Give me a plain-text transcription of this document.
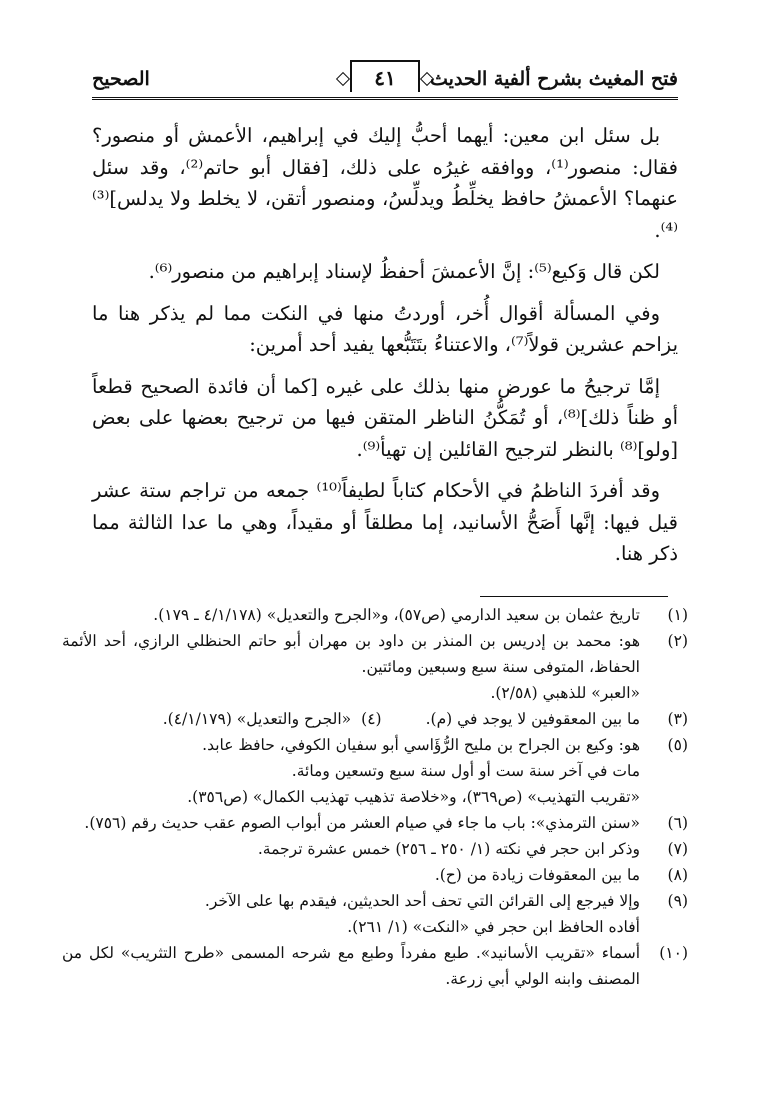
فتح المغيث بشرح ألفية الحديث
٤١
الصحيح

بل سئل ابن معين: أيهما أحبُّ إليك في إبراهيم، الأعمش أو منصور؟ فقال: منصور⁽¹⁾، ووافقه غيرُه على ذلك، [فقال أبو حاتم⁽²⁾، وقد سئل عنهما؟ الأعمشُ حافظ يخلِّطُ ويدلِّسُ، ومنصور أتقن، لا يخلط ولا يدلس]⁽³⁾⁽⁴⁾.

لكن قال وَكيع⁽⁵⁾: إنَّ الأعمشَ أحفظُ لإسناد إبراهيم من منصور⁽⁶⁾.

وفي المسألة أقوال أُخر، أوردتُ منها في النكت مما لم يذكر هنا ما يزاحم عشرين قولاً⁽⁷⁾، والاعتناءُ بتَتَبُّعها يفيد أحد أمرين:

إمَّا ترجيحُ ما عورض منها بذلك على غيره [كما أن فائدة الصحيح قطعاً أو ظناً ذلك]⁽⁸⁾، أو تُمَكُّنُ الناظر المتقن فيها من ترجيح بعضها على بعض [ولو]⁽⁸⁾ بالنظر لترجيح القائلين إن تهيأ⁽⁹⁾.

وقد أفردَ الناظمُ في الأحكام كتاباً لطيفاً⁽¹⁰⁾ جمعه من تراجم ستة عشر قيل فيها: إنَّها أَصَحُّ الأسانيد، إما مطلقاً أو مقيداً، وهي ما عدا الثالثة مما ذكر هنا.

(١)
تاريخ عثمان بن سعيد الدارمي (ص٥٧)، و«الجرح والتعديل» (٤/١/١٧٨ ـ ١٧٩).
(٢)
هو: محمد بن إدريس بن المنذر بن داود بن مهران أبو حاتم الحنظلي الرازي، أحد الأئمة الحفاظ، المتوفى سنة سبع وسبعين ومائتين.
«العبر» للذهبي (٢/٥٨).
(٣)
ما بين المعقوفين لا يوجد في (م).
(٤)
«الجرح والتعديل» (٤/١/١٧٩).
(٥)
هو: وكيع بن الجراح بن مليح الرُّؤَاسي أبو سفيان الكوفي، حافظ عابد.
مات في آخر سنة ست أو أول سنة سبع وتسعين ومائة.
«تقريب التهذيب» (ص٣٦٩)، و«خلاصة تذهيب تهذيب الكمال» (ص٣٥٦).
(٦)
«سنن الترمذي»: باب ما جاء في صيام العشر من أبواب الصوم عقب حديث رقم (٧٥٦).
(٧)
وذكر ابن حجر في نكته (١/ ٢٥٠ ـ ٢٥٦) خمس عشرة ترجمة.
(٨)
ما بين المعقوفات زيادة من (ح).
(٩)
وإلا فيرجع إلى القرائن التي تحف أحد الحديثين، فيقدم بها على الآخر.
أفاده الحافظ ابن حجر في «النكت» (١/ ٢٦١).
(١٠)
أسماء «تقريب الأسانيد». طبع مفرداً وطبع مع شرحه المسمى «طرح التثريب» لكل من المصنف وابنه الولي أبي زرعة.
